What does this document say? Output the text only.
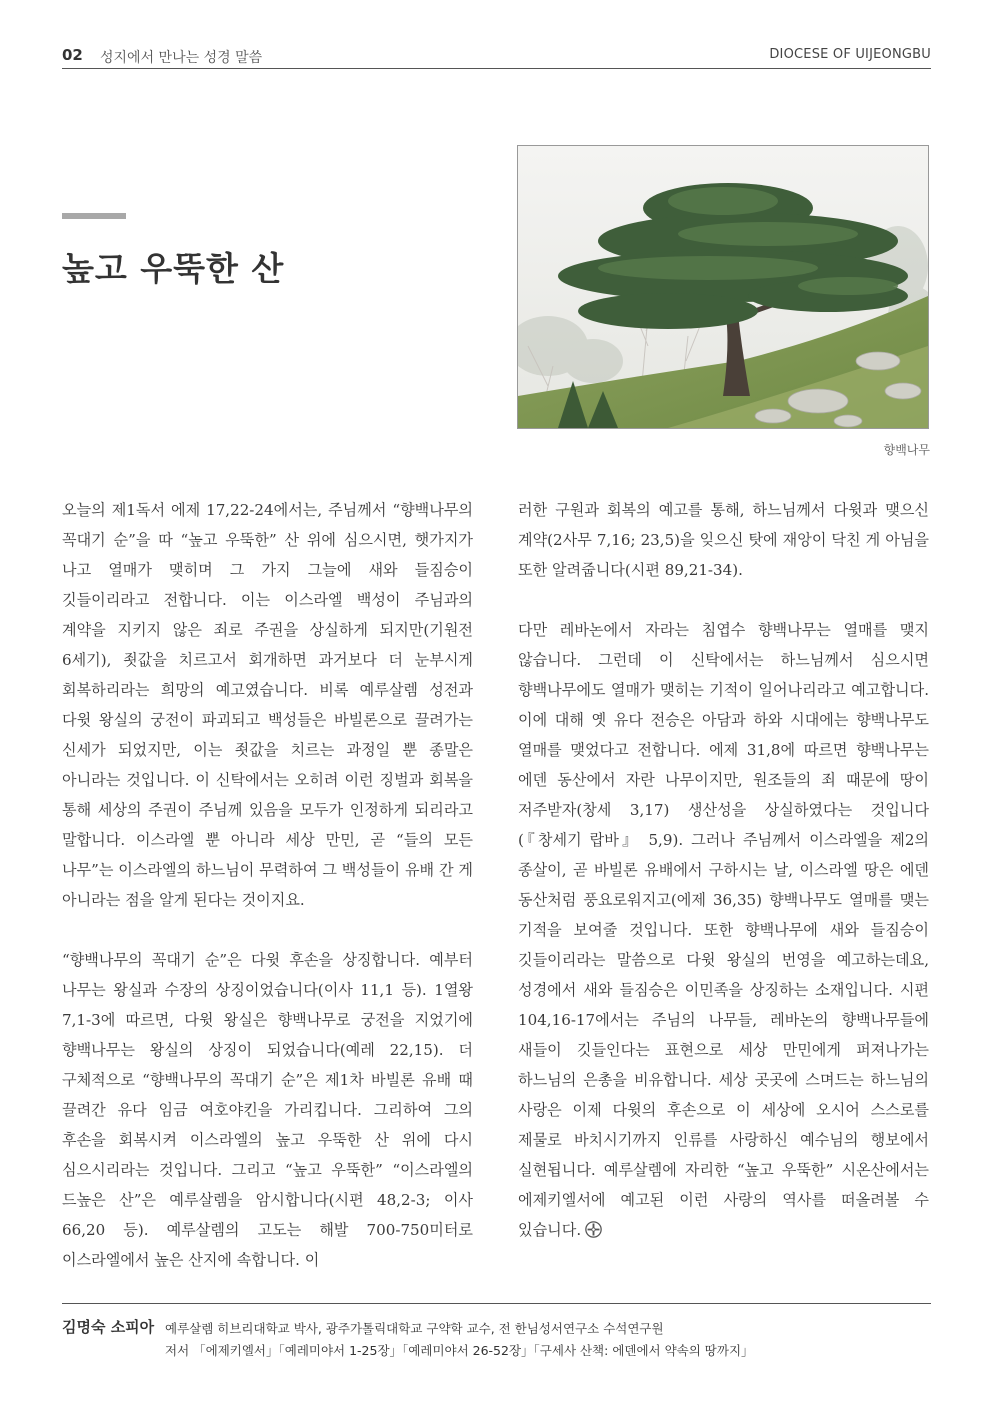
02 성지에서 만나는 성경 말씀	DIOCESE OF UIJEONGBU
높고 우뚝한 산
향백나무

오늘의 제1독서 에제 17,22-24에서는, 주님께서 “향백나무의 꼭대기 순”을 따 “높고 우뚝한” 산 위에 심으시면, 햇가지가 나고 열매가 맺히며 그 가지 그늘에 새와 들짐승이 깃들이리라고 전합니다. 이는 이스라엘 백성이 주님과의 계약을 지키지 않은 죄로 주권을 상실하게 되지만(기원전 6세기), 죗값을 치르고서 회개하면 과거보다 더 눈부시게 회복하리라는 희망의 예고였습니다. 비록 예루살렘 성전과 다윗 왕실의 궁전이 파괴되고 백성들은 바빌론으로 끌려가는 신세가 되었지만, 이는 죗값을 치르는 과정일 뿐 종말은 아니라는 것입니다. 이 신탁에서는 오히려 이런 징벌과 회복을 통해 세상의 주권이 주님께 있음을 모두가 인정하게 되리라고 말합니다. 이스라엘 뿐 아니라 세상 만민, 곧 “들의 모든 나무”는 이스라엘의 하느님이 무력하여 그 백성들이 유배 간 게 아니라는 점을 알게 된다는 것이지요.

“향백나무의 꼭대기 순”은 다윗 후손을 상징합니다. 예부터 나무는 왕실과 수장의 상징이었습니다(이사 11,1 등). 1열왕 7,1-3에 따르면, 다윗 왕실은 향백나무로 궁전을 지었기에 향백나무는 왕실의 상징이 되었습니다(예레 22,15). 더 구체적으로 “향백나무의 꼭대기 순”은 제1차 바빌론 유배 때 끌려간 유다 임금 여호야킨을 가리킵니다. 그리하여 그의 후손을 회복시켜 이스라엘의 높고 우뚝한 산 위에 다시 심으시리라는 것입니다. 그리고 “높고 우뚝한” “이스라엘의 드높은 산”은 예루살렘을 암시합니다(시편 48,2-3; 이사 66,20 등). 예루살렘의 고도는 해발 700-750미터로 이스라엘에서 높은 산지에 속합니다. 이

러한 구원과 회복의 예고를 통해, 하느님께서 다윗과 맺으신 계약(2사무 7,16; 23,5)을 잊으신 탓에 재앙이 닥친 게 아님을 또한 알려줍니다(시편 89,21-34).

다만 레바논에서 자라는 침엽수 향백나무는 열매를 맺지 않습니다. 그런데 이 신탁에서는 하느님께서 심으시면 향백나무에도 열매가 맺히는 기적이 일어나리라고 예고합니다. 이에 대해 옛 유다 전승은 아담과 하와 시대에는 향백나무도 열매를 맺었다고 전합니다. 에제 31,8에 따르면 향백나무는 에덴 동산에서 자란 나무이지만, 원조들의 죄 때문에 땅이 저주받자(창세 3,17) 생산성을 상실하였다는 것입니다(『창세기 랍바』 5,9). 그러나 주님께서 이스라엘을 제2의 종살이, 곧 바빌론 유배에서 구하시는 날, 이스라엘 땅은 에덴 동산처럼 풍요로워지고(에제 36,35) 향백나무도 열매를 맺는 기적을 보여줄 것입니다. 또한 향백나무에 새와 들짐승이 깃들이리라는 말씀으로 다윗 왕실의 번영을 예고하는데요, 성경에서 새와 들짐승은 이민족을 상징하는 소재입니다. 시편 104,16-17에서는 주님의 나무들, 레바논의 향백나무들에 새들이 깃들인다는 표현으로 세상 만민에게 퍼져나가는 하느님의 은총을 비유합니다. 세상 곳곳에 스며드는 하느님의 사랑은 이제 다윗의 후손으로 이 세상에 오시어 스스로를 제물로 바치시기까지 인류를 사랑하신 예수님의 행보에서 실현됩니다. 예루살렘에 자리한 “높고 우뚝한” 시온산에서는 에제키엘서에 예고된 이런 사랑의 역사를 떠올려볼 수 있습니다.

김명숙 소피아 예루살렘 히브리대학교 박사, 광주가톨릭대학교 구약학 교수, 전 한님성서연구소 수석연구원
저서 「에제키엘서」「예레미야서 1-25장」「예레미야서 26-52장」「구세사 산책: 에덴에서 약속의 땅까지」
